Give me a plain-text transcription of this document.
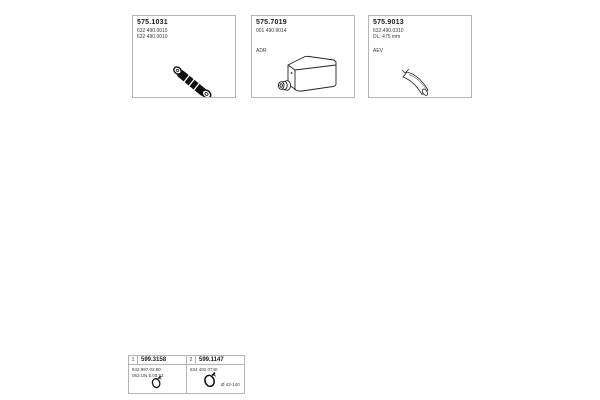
575.1031
632 490.0015
632 490.0010
575.7019
001 490.9014
ADR
575.9013
632.490.0310
DL: 475 mm
AEV
1	599.3158
942.997.02.80
063.UN.5.00.52
2	599.1147
634 492 0740
Ø 42-140
